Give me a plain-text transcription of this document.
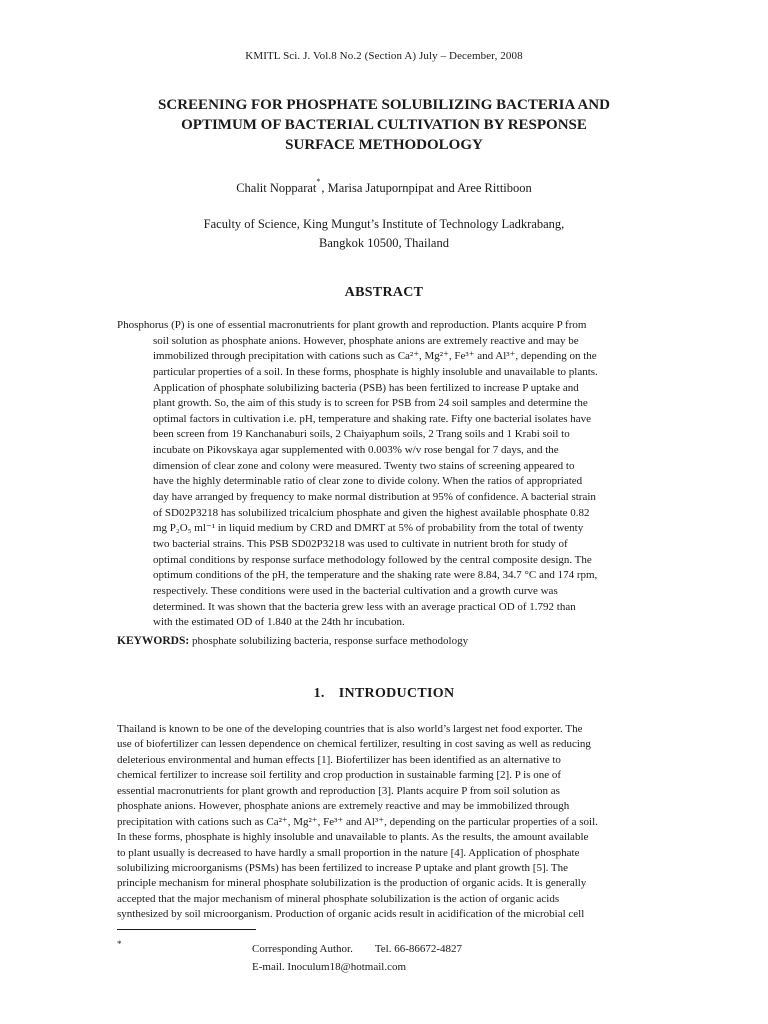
KMITL Sci. J. Vol.8 No.2 (Section A) July – December, 2008
SCREENING FOR PHOSPHATE SOLUBILIZING BACTERIA AND
OPTIMUM OF BACTERIAL CULTIVATION BY RESPONSE
SURFACE METHODOLOGY
Chalit Nopparat*, Marisa Jatupornpipat and Aree Rittiboon
Faculty of Science, King Mungut’s Institute of Technology Ladkrabang,
Bangkok 10500, Thailand
ABSTRACT
Phosphorus (P) is one of essential macronutrients for plant growth and reproduction. Plants acquire P from
soil solution as phosphate anions. However, phosphate anions are extremely reactive and may be
immobilized through precipitation with cations such as Ca²⁺, Mg²⁺, Fe³⁺ and Al³⁺, depending on the
particular properties of a soil. In these forms, phosphate is highly insoluble and unavailable to plants.
Application of phosphate solubilizing bacteria (PSB) has been fertilized to increase P uptake and
plant growth. So, the aim of this study is to screen for PSB from 24 soil samples and determine the
optimal factors in cultivation i.e. pH, temperature and shaking rate. Fifty one bacterial isolates have
been screen from 19 Kanchanaburi soils, 2 Chaiyaphum soils, 2 Trang soils and 1 Krabi soil to
incubate on Pikovskaya agar supplemented with 0.003% w/v rose bengal for 7 days, and the
dimension of clear zone and colony were measured. Twenty two stains of screening appeared to
have the highly determinable ratio of clear zone to divide colony. When the ratios of appropriated
day have arranged by frequency to make normal distribution at 95% of confidence. A bacterial strain
of SD02P3218 has solubilized tricalcium phosphate and given the highest available phosphate 0.82
mg P₂O₅ ml⁻¹ in liquid medium by CRD and DMRT at 5% of probability from the total of twenty
two bacterial strains. This PSB SD02P3218 was used to cultivate in nutrient broth for study of
optimal conditions by response surface methodology followed by the central composite design. The
optimum conditions of the pH, the temperature and the shaking rate were 8.84, 34.7 °C and 174 rpm,
respectively. These conditions were used in the bacterial cultivation and a growth curve was
determined. It was shown that the bacteria grew less with an average practical OD of 1.792 than
with the estimated OD of 1.840 at the 24th hr incubation.
KEYWORDS: phosphate solubilizing bacteria, response surface methodology
1. INTRODUCTION
Thailand is known to be one of the developing countries that is also world’s largest net food exporter. The
use of biofertilizer can lessen dependence on chemical fertilizer, resulting in cost saving as well as reducing
deleterious environmental and human effects [1]. Biofertilizer has been identified as an alternative to
chemical fertilizer to increase soil fertility and crop production in sustainable farming [2]. P is one of
essential macronutrients for plant growth and reproduction [3]. Plants acquire P from soil solution as
phosphate anions. However, phosphate anions are extremely reactive and may be immobilized through
precipitation with cations such as Ca²⁺, Mg²⁺, Fe³⁺ and Al³⁺, depending on the particular properties of a soil.
In these forms, phosphate is highly insoluble and unavailable to plants. As the results, the amount available
to plant usually is decreased to have hardly a small proportion in the nature [4]. Application of phosphate
solubilizing microorganisms (PSMs) has been fertilized to increase P uptake and plant growth [5]. The
principle mechanism for mineral phosphate solubilization is the production of organic acids. It is generally
accepted that the major mechanism of mineral phosphate solubilization is the action of organic acids
synthesized by soil microorganism. Production of organic acids result in acidification of the microbial cell
*	Corresponding Author. Tel. 66-86672-4827
E-mail. Inoculum18@hotmail.com
